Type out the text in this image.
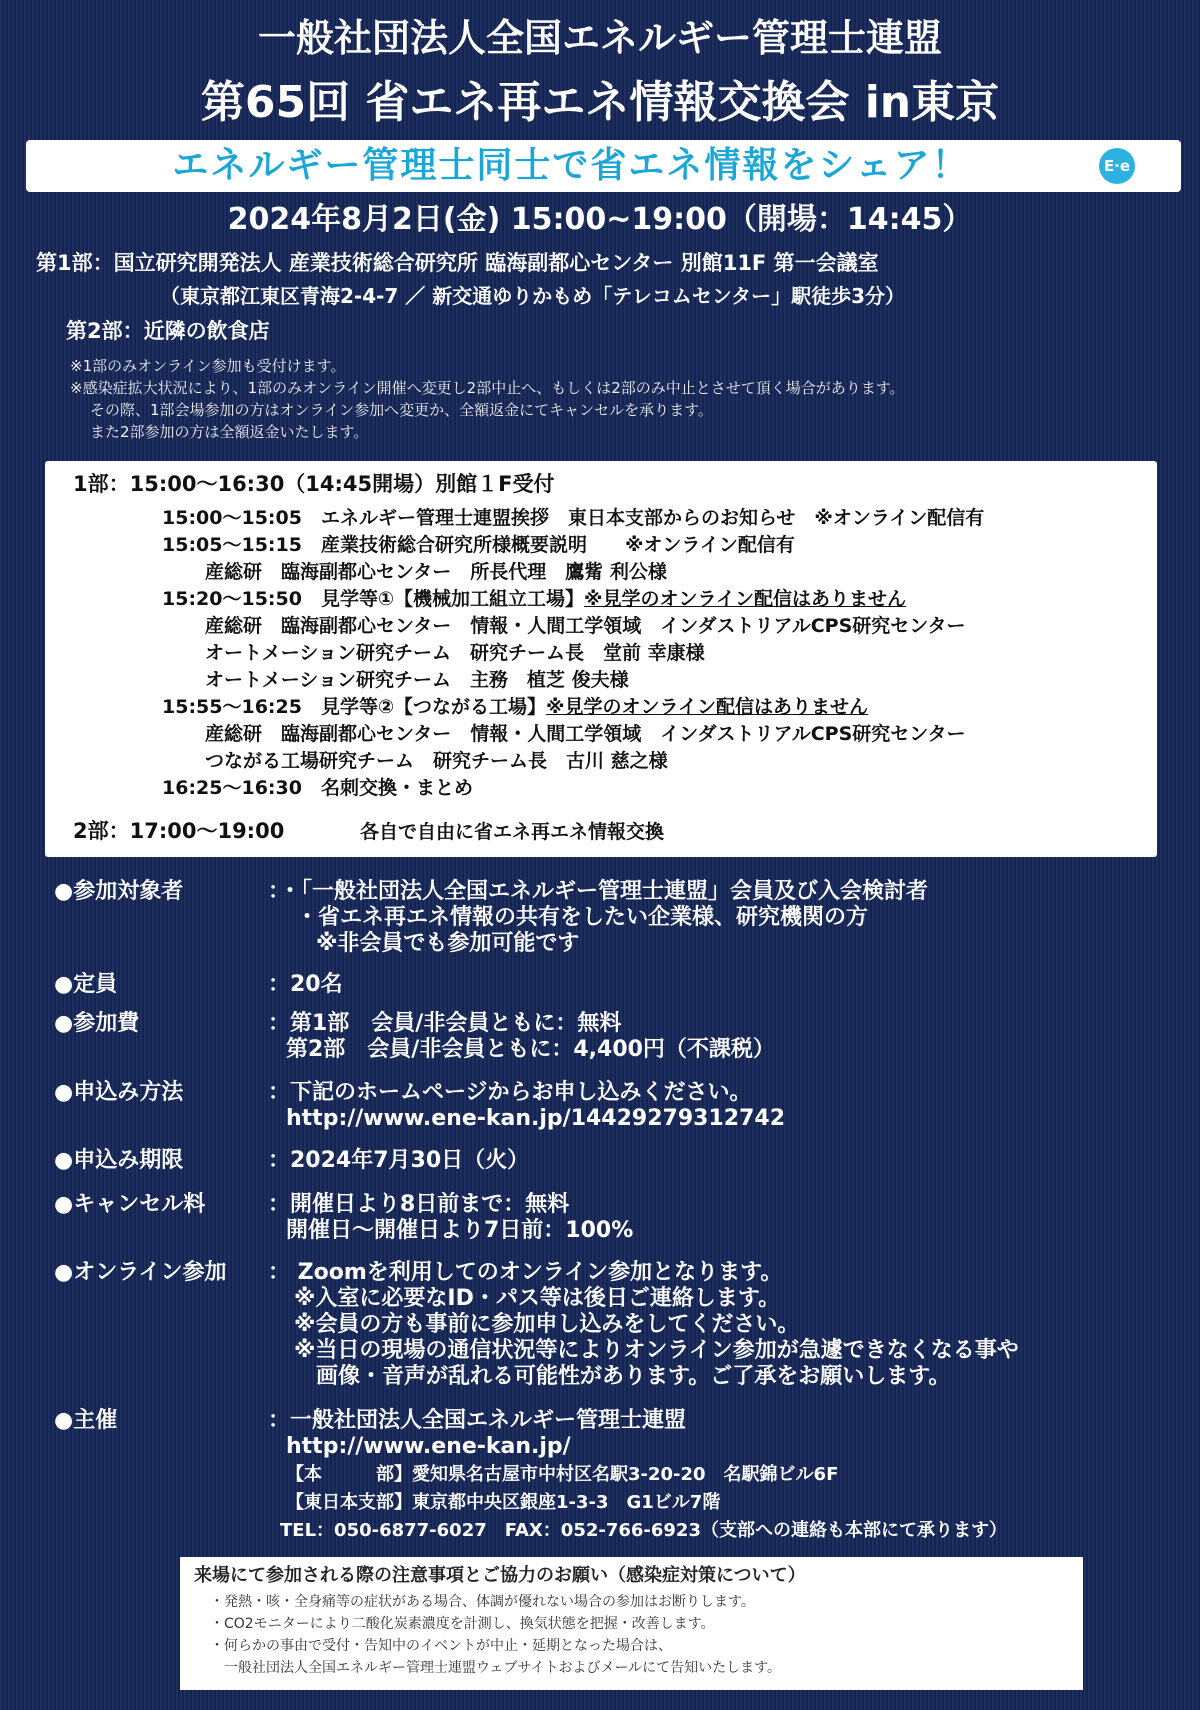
一般社団法人全国エネルギー管理士連盟
第65回 省エネ再エネ情報交換会 in東京
エネルギー管理士同士で省エネ情報をシェア！	E·e
2024年8月2日(金) 15:00~19:00（開場：14:45）
第1部：国立研究開発法人 産業技術総合研究所 臨海副都心センター 別館11F 第一会議室
（東京都江東区青海2-4-7 ／ 新交通ゆりかもめ「テレコムセンター」駅徒歩3分）
第2部：近隣の飲食店
※1部のみオンライン参加も受付けます。
※感染症拡大状況により、1部のみオンライン開催へ変更し2部中止へ、もしくは2部のみ中止とさせて頂く場合があります。
その際、1部会場参加の方はオンライン参加へ変更か、全額返金にてキャンセルを承ります。
また2部参加の方は全額返金いたします。
1部：15:00～16:30（14:45開場）別館１F受付
15:00～15:05　エネルギー管理士連盟挨拶　東日本支部からのお知らせ　※オンライン配信有
15:05～15:15　産業技術総合研究所様概要説明　　※オンライン配信有
産総研　臨海副都心センター　所長代理　鷹觜 利公様
15:20～15:50　見学等①【機械加工組立工場】※見学のオンライン配信はありません
産総研　臨海副都心センター　情報・人間工学領域　インダストリアルCPS研究センター
オートメーション研究チーム　研究チーム長　堂前 幸康様
オートメーション研究チーム　主務　植芝 俊夫様
15:55～16:25　見学等②【つながる工場】※見学のオンライン配信はありません
産総研　臨海副都心センター　情報・人間工学領域　インダストリアルCPS研究センター
つながる工場研究チーム　研究チーム長　古川 慈之様
16:25～16:30　名刺交換・まとめ
2部：17:00～19:00	各自で自由に省エネ再エネ情報交換
●参加対象者	：・「一般社団法人全国エネルギー管理士連盟」会員及び入会検討者
・省エネ再エネ情報の共有をしたい企業様、研究機関の方
※非会員でも参加可能です
●定員	：20名
●参加費	：第1部　会員/非会員ともに：無料
第2部　会員/非会員ともに：4,400円（不課税）
●申込み方法	：下記のホームページからお申し込みください。
http://www.ene-kan.jp/14429279312742
●申込み期限	：2024年7月30日（火）
●キャンセル料	：開催日より8日前まで：無料
開催日～開催日より7日前：100%
●オンライン参加 ： Zoomを利用してのオンライン参加となります。
※入室に必要なID・パス等は後日ご連絡します。
※会員の方も事前に参加申し込みをしてください。
※当日の現場の通信状況等によりオンライン参加が急遽できなくなる事や
画像・音声が乱れる可能性があります。ご了承をお願いします。
●主催	：一般社団法人全国エネルギー管理士連盟
http://www.ene-kan.jp/
【本　　　部】愛知県名古屋市中村区名駅3-20-20　名駅錦ビル6F
【東日本支部】東京都中央区銀座1-3-3　G1ビル7階
TEL：050-6877-6027　FAX：052-766-6923（支部への連絡も本部にて承ります）
来場にて参加される際の注意事項とご協力のお願い（感染症対策について）
・発熱・咳・全身痛等の症状がある場合、体調が優れない場合の参加はお断りします。
・CO2モニターにより二酸化炭素濃度を計測し、換気状態を把握・改善します。
・何らかの事由で受付・告知中のイベントが中止・延期となった場合は、
一般社団法人全国エネルギー管理士連盟ウェブサイトおよびメールにて告知いたします。
